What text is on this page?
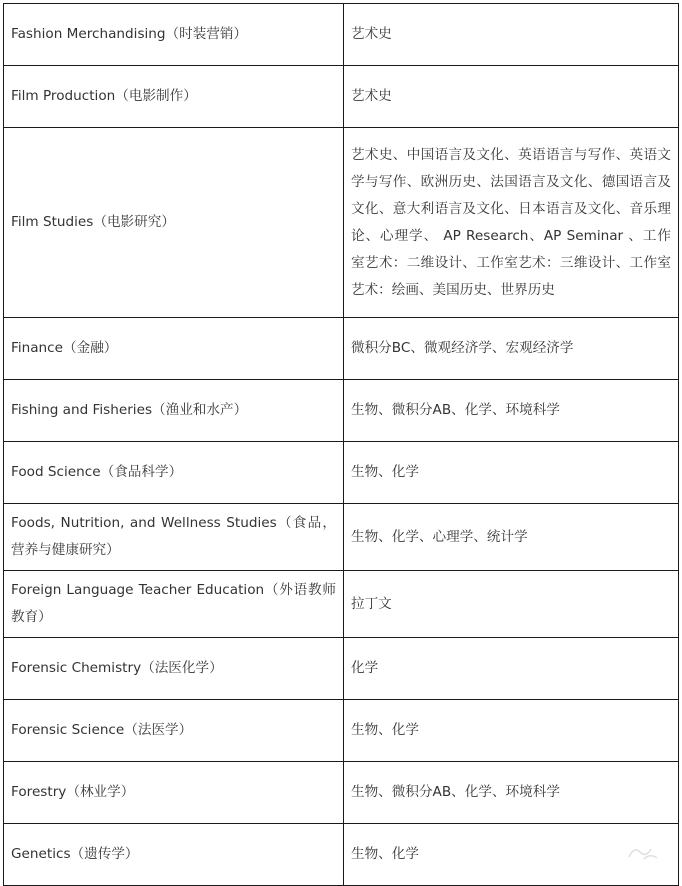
Fashion Merchandising（时装营销）	艺术史
Film Production（电影制作）	艺术史
Film Studies（电影研究）	艺术史、中国语言及文化、英语语言与写作、英语文学与写作、欧洲历史、法国语言及文化、德国语言及文化、意大利语言及文化、日本语言及文化、音乐理论、心理学、 AP Research、AP Seminar 、工作室艺术：二维设计、工作室艺术：三维设计、工作室艺术：绘画、美国历史、世界历史
Finance（金融）	微积分BC、微观经济学、宏观经济学
Fishing and Fisheries（渔业和水产）	生物、微积分AB、化学、环境科学
Food Science（食品科学）	生物、化学
Foods, Nutrition, and Wellness Studies（食品，营养与健康研究）	生物、化学、心理学、统计学
Foreign Language Teacher Education（外语教师教育）	拉丁文
Forensic Chemistry（法医化学）	化学
Forensic Science（法医学）	生物、化学
Forestry（林业学）	生物、微积分AB、化学、环境科学
Genetics（遗传学）	生物、化学
